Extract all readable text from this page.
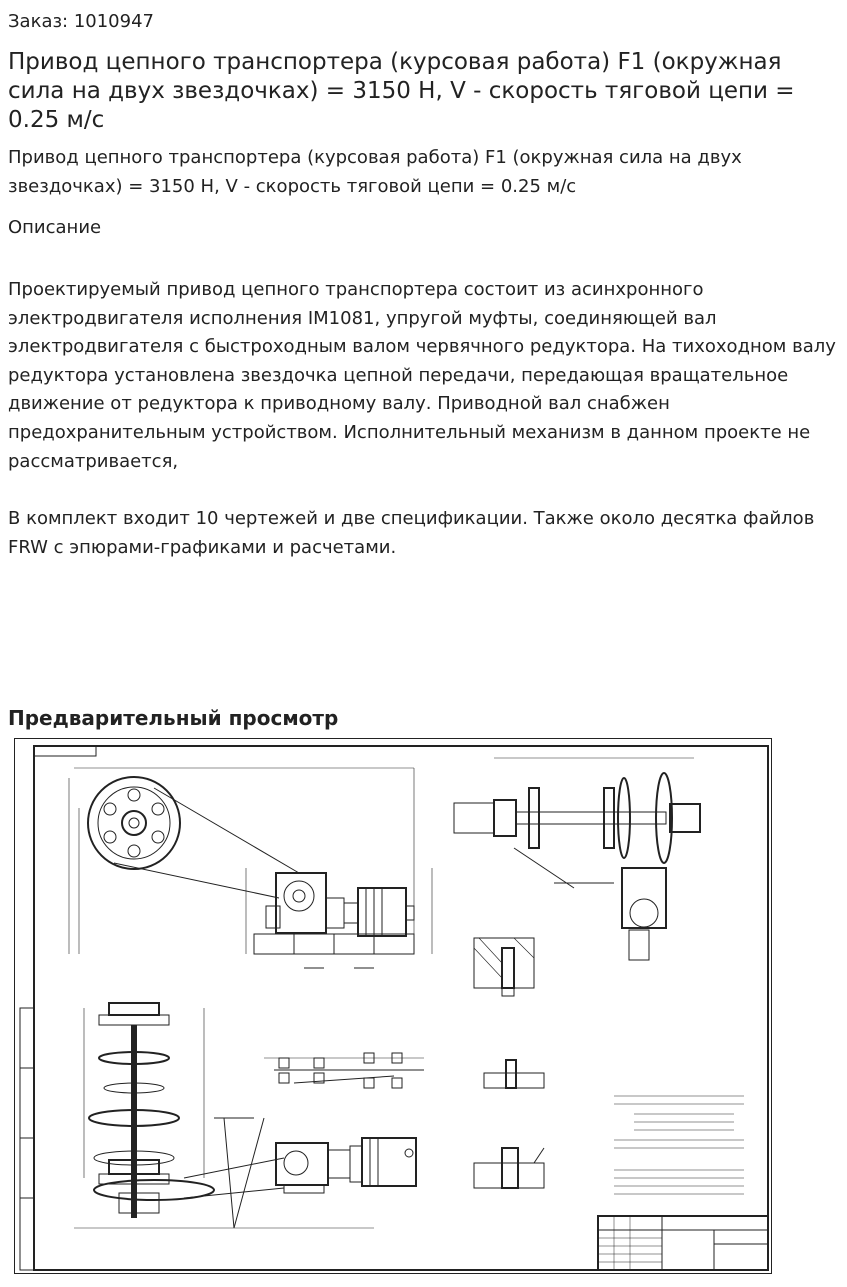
Заказ: 1010947
Привод цепного транспортера (курсовая работа) F1 (окружная сила на двух звездочках) = 3150 Н, V - скорость тяговой цепи = 0.25 м/с

Привод цепного транспортера (курсовая работа) F1 (окружная сила на двух звездочках) = 3150 Н, V - скорость тяговой цепи = 0.25 м/с

Описание

Проектируемый привод цепного транспортера состоит из асинхронного электродвигателя исполнения IM1081, упругой муфты, соединяющей вал электродвигателя с быстроходным валом червячного редуктора. На тихоходном валу редуктора установлена звездочка цепной передачи, передающая вращательное движение от редуктора к приводному валу. Приводной вал снабжен предохранительным устройством. Исполнительный механизм в данном проекте не рассматривается,

В комплект входит 10 чертежей и две спецификации. Также около десятка файлов FRW с эпюрами-графиками и расчетами.

Предварительный просмотр
